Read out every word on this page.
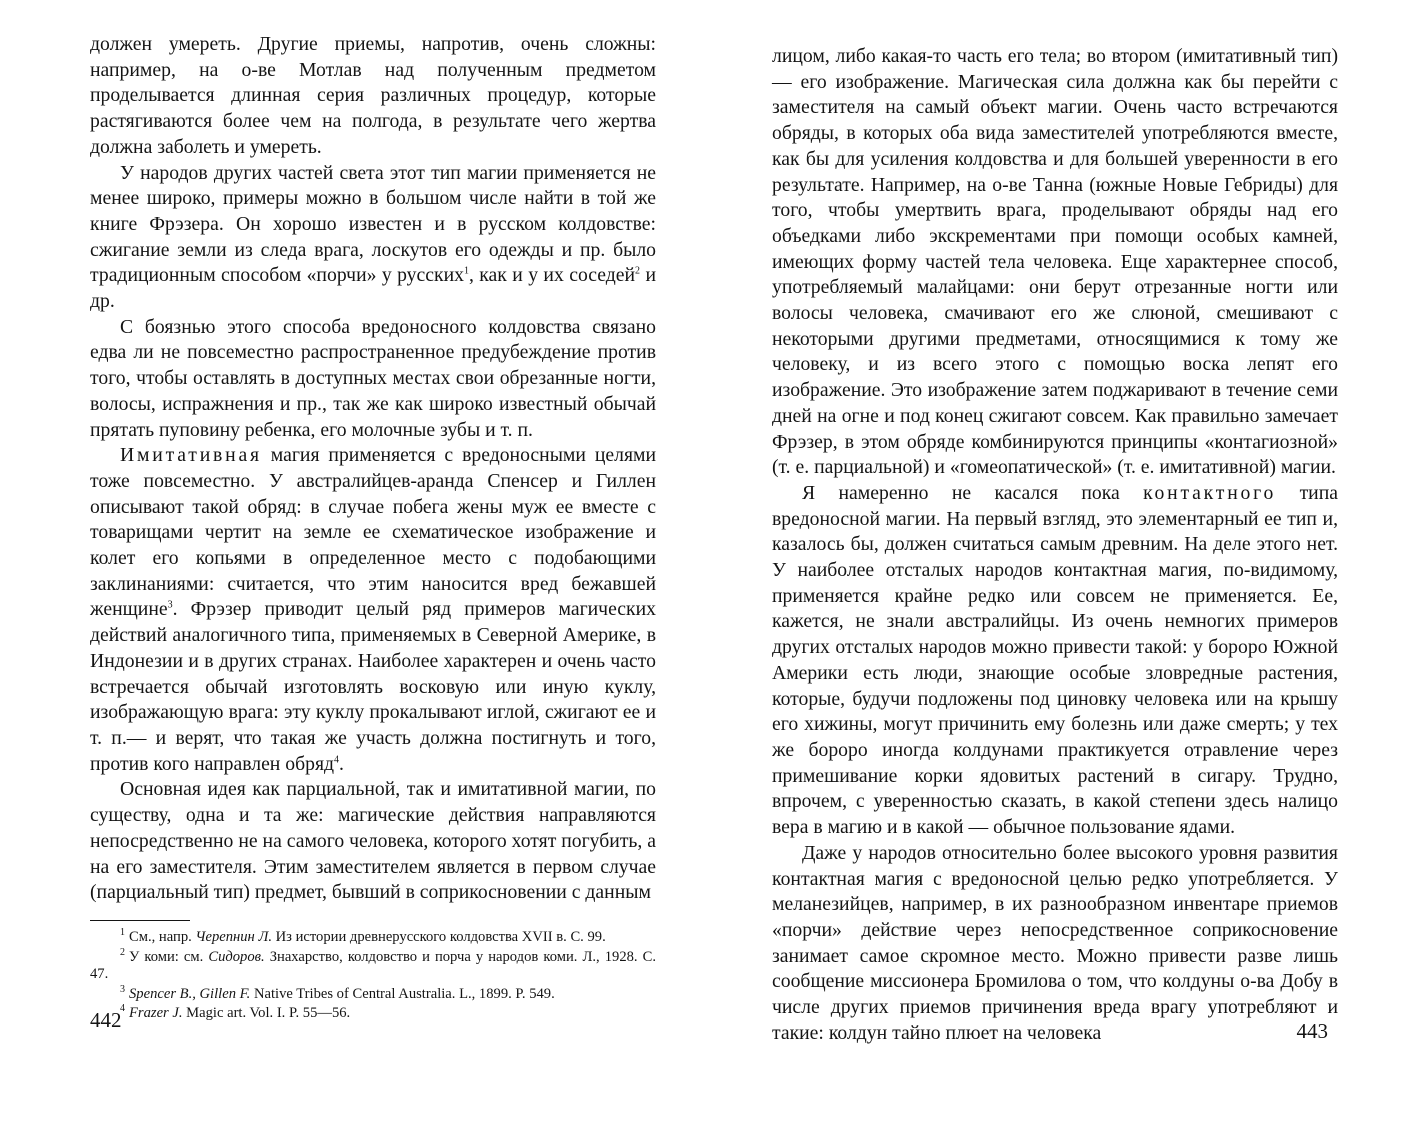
должен умереть. Другие приемы, напротив, очень сложны: например, на о-ве Мотлав над полученным предметом проделывается длинная серия различных процедур, которые растягиваются более чем на полгода, в результате чего жертва должна заболеть и умереть.

У народов других частей света этот тип магии применяется не менее широко, примеры можно в большом числе найти в той же книге Фрэзера. Он хорошо известен и в русском колдовстве: сжигание земли из следа врага, лоскутов его одежды и пр. было традиционным способом «порчи» у русских$^1$, как и у их соседей$^2$ и др.

С боязнью этого способа вредоносного колдовства связано едва ли не повсеместно распространенное предубеждение против того, чтобы оставлять в доступных местах свои обрезанные ногти, волосы, испражнения и пр., так же как широко известный обычай прятать пуповину ребенка, его молочные зубы и т. п.

Имитативная магия применяется с вредоносными целями тоже повсеместно. У австралийцев-аранда Спенсер и Гиллен описывают такой обряд: в случае побега жены муж ее вместе с товарищами чертит на земле ее схематическое изображение и колет его копьями в определенное место с подобающими заклинаниями: считается, что этим наносится вред бежавшей женщине$^3$. Фрэзер приводит целый ряд примеров магических действий аналогичного типа, применяемых в Северной Америке, в Индонезии и в других странах. Наиболее характерен и очень часто встречается обычай изготовлять восковую или иную куклу, изображающую врага: эту куклу прокалывают иглой, сжигают ее и т. п.— и верят, что такая же участь должна постигнуть и того, против кого направлен обряд$^4$.

Основная идея как парциальной, так и имитативной магии, по существу, одна и та же: магические действия направляются непосредственно не на самого человека, которого хотят погубить, а на его заместителя. Этим заместителем является в первом случае (парциальный тип) предмет, бывший в соприкосновении с данным

$^1$ См., напр. Черепнин Л. Из истории древнерусского колдовства XVII в. С. 99.

$^2$ У коми: см. Сидоров. Знахарство, колдовство и порча у народов коми. Л., 1928. С. 47.

$^3$ Spencer B., Gillen F. Native Tribes of Central Australia. L., 1899. P. 549.

$^4$ Frazer J. Magic art. Vol. I. P. 55—56.

442

лицом, либо какая-то часть его тела; во втором (имитативный тип) — его изображение. Магическая сила должна как бы перейти с заместителя на самый объект магии. Очень часто встречаются обряды, в которых оба вида заместителей употребляются вместе, как бы для усиления колдовства и для большей уверенности в его результате. Например, на о-ве Танна (южные Новые Гебриды) для того, чтобы умертвить врага, проделывают обряды над его объедками либо экскрементами при помощи особых камней, имеющих форму частей тела человека. Еще характернее способ, употребляемый малайцами: они берут отрезанные ногти или волосы человека, смачивают его же слюной, смешивают с некоторыми другими предметами, относящимися к тому же человеку, и из всего этого с помощью воска лепят его изображение. Это изображение затем поджаривают в течение семи дней на огне и под конец сжигают совсем. Как правильно замечает Фрэзер, в этом обряде комбинируются принципы «контагиозной» (т. е. парциальной) и «гомеопатической» (т. е. имитативной) магии.

Я намеренно не касался пока контактного типа вредоносной магии. На первый взгляд, это элементарный ее тип и, казалось бы, должен считаться самым древним. На деле этого нет. У наиболее отсталых народов контактная магия, по-видимому, применяется крайне редко или совсем не применяется. Ее, кажется, не знали австралийцы. Из очень немногих примеров других отсталых народов можно привести такой: у бороро Южной Америки есть люди, знающие особые зловредные растения, которые, будучи подложены под циновку человека или на крышу его хижины, могут причинить ему болезнь или даже смерть; у тех же бороро иногда колдунами практикуется отравление через примешивание корки ядовитых растений в сигару. Трудно, впрочем, с уверенностью сказать, в какой степени здесь налицо вера в магию и в какой — обычное пользование ядами.

Даже у народов относительно более высокого уровня развития контактная магия с вредоносной целью редко употребляется. У меланезийцев, например, в их разнообразном инвентаре приемов «порчи» действие через непосредственное соприкосновение занимает самое скромное место. Можно привести разве лишь сообщение миссионера Бромилова о том, что колдуны о-ва Добу в числе других приемов причинения вреда врагу употребляют и такие: колдун тайно плюет на человека	443
